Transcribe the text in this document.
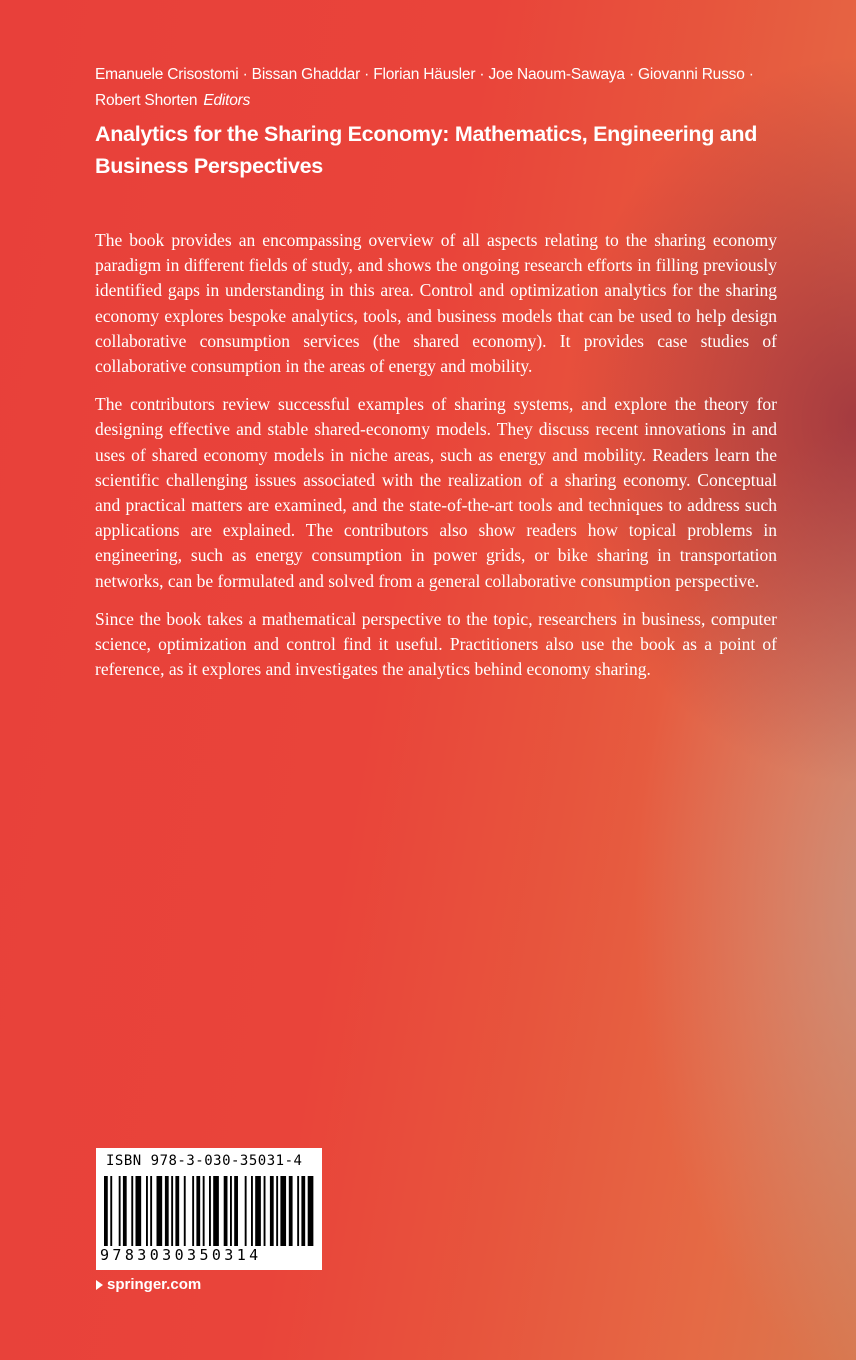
Emanuele Crisostomi · Bissan Ghaddar · Florian Häusler · Joe Naoum-Sawaya · Giovanni Russo · Robert Shorten Editors
Analytics for the Sharing Economy: Mathematics, Engineering and Business Perspectives

The book provides an encompassing overview of all aspects relating to the sharing economy paradigm in different fields of study, and shows the ongoing research efforts in filling previously identified gaps in understanding in this area. Control and optimization analytics for the sharing economy explores bespoke analytics, tools, and business models that can be used to help design collaborative consumption services (the shared economy). It provides case studies of collaborative consumption in the areas of energy and mobility.

The contributors review successful examples of sharing systems, and explore the theory for designing effective and stable shared-economy models. They discuss recent innovations in and uses of shared economy models in niche areas, such as energy and mobility. Readers learn the scientific challenging issues associated with the realization of a sharing economy. Conceptual and practical matters are examined, and the state-of-the-art tools and techniques to address such applications are explained. The contributors also show readers how topical problems in engineering, such as energy consumption in power grids, or bike sharing in transportation networks, can be formulated and solved from a general collaborative consumption perspective.

Since the book takes a mathematical perspective to the topic, researchers in business, computer science, optimization and control find it useful. Practitioners also use the book as a point of reference, as it explores and investigates the analytics behind economy sharing.

ISBN 978-3-030-35031-4
9783030350314
springer.com
